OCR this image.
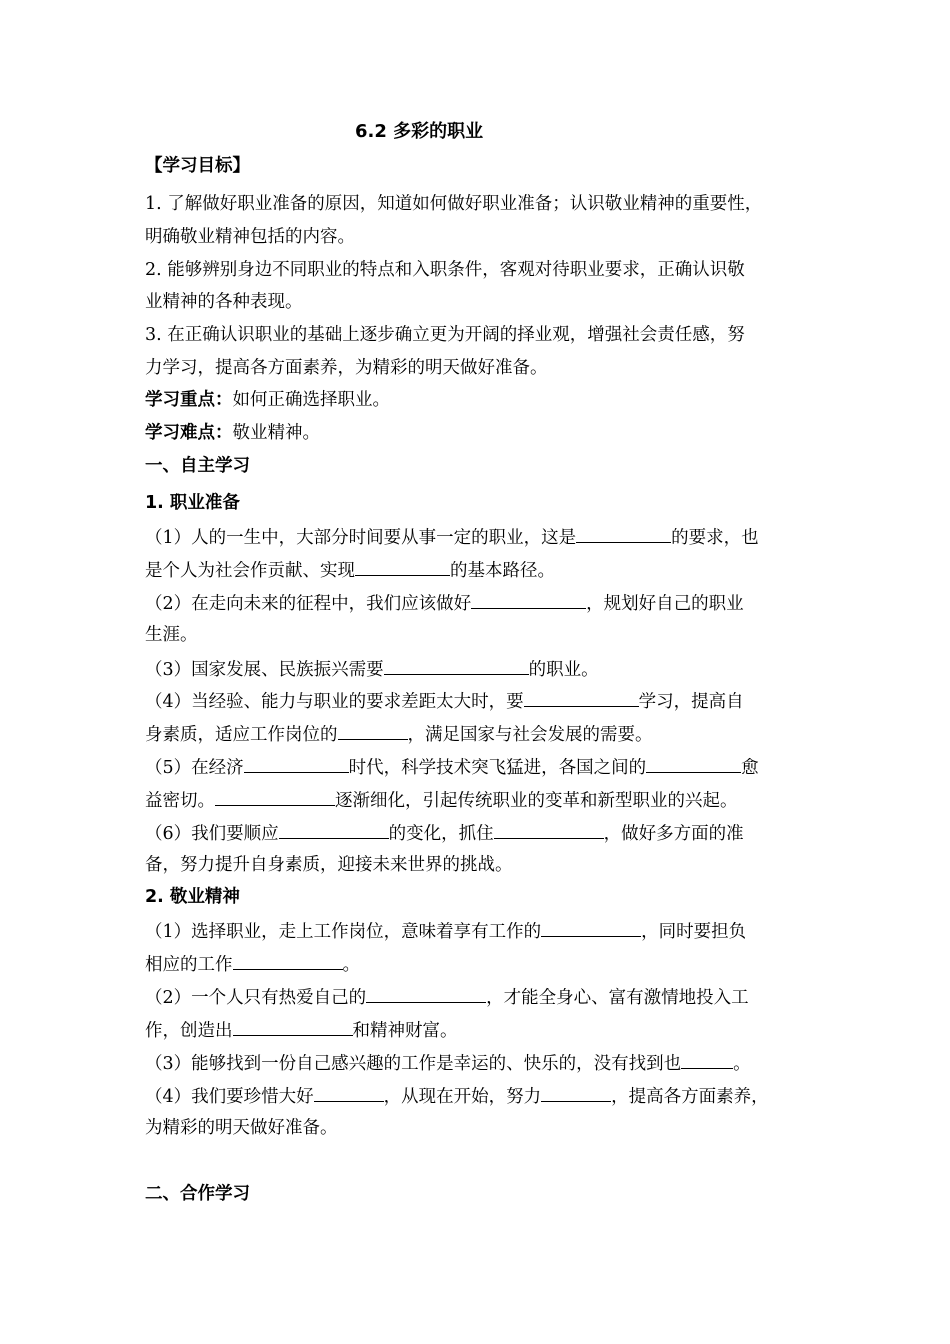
6.2 多彩的职业
【学习目标】
1. 了解做好职业准备的原因，知道如何做好职业准备；认识敬业精神的重要性，
明确敬业精神包括的内容。
2. 能够辨别身边不同职业的特点和入职条件，客观对待职业要求，正确认识敬
业精神的各种表现。
3. 在正确认识职业的基础上逐步确立更为开阔的择业观，增强社会责任感，努
力学习，提高各方面素养，为精彩的明天做好准备。
学习重点：如何正确选择职业。
学习难点：敬业精神。
一、自主学习
1. 职业准备
（1）人的一生中，大部分时间要从事一定的职业，这是	的要求，也
是个人为社会作贡献、实现	的基本路径。
（2）在走向未来的征程中，我们应该做好	，规划好自己的职业
生涯。
（3）国家发展、民族振兴需要	的职业。
（4）当经验、能力与职业的要求差距太大时，要	学习，提高自
身素质，适应工作岗位的	，满足国家与社会发展的需要。
（5）在经济	时代，科学技术突飞猛进，各国之间的	愈
益密切。	逐渐细化，引起传统职业的变革和新型职业的兴起。
（6）我们要顺应	的变化，抓住	，做好多方面的准
备，努力提升自身素质，迎接未来世界的挑战。
2. 敬业精神
（1）选择职业，走上工作岗位，意味着享有工作的	，同时要担负
相应的工作	。
（2）一个人只有热爱自己的	，才能全身心、富有激情地投入工
作，创造出	和精神财富。
（3）能够找到一份自己感兴趣的工作是幸运的、快乐的，没有找到也	。
（4）我们要珍惜大好	，从现在开始，努力	，提高各方面素养，
为精彩的明天做好准备。
二、合作学习
